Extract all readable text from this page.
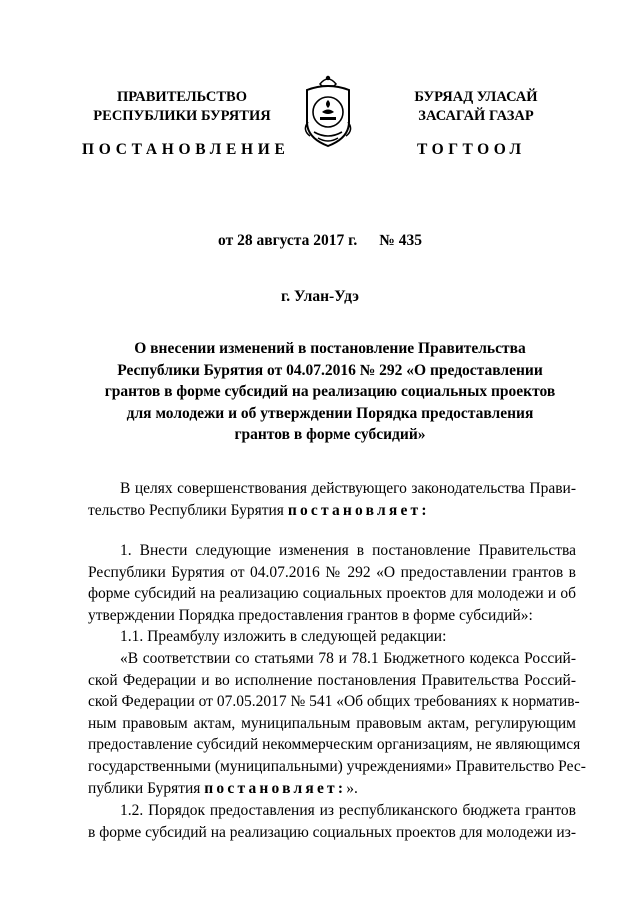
ПРАВИТЕЛЬСТВО
РЕСПУБЛИКИ БУРЯТИЯ
БУРЯАД УЛАСАЙ
ЗАСАГАЙ ГАЗАР
ПОСТАНОВЛЕНИЕ	ТОГТООЛ
от 28 августа 2017 г. № 435
г. Улан-Удэ
О внесении изменений в постановление Правительства
Республики Бурятия от 04.07.2016 № 292 «О предоставлении
грантов в форме субсидий на реализацию социальных проектов
для молодежи и об утверждении Порядка предоставления
грантов в форме субсидий»
В целях совершенствования действующего законодательства Прави-
тельство Республики Бурятия постановляет:
1. Внести следующие изменения в постановление Правительства
Республики Бурятия от 04.07.2016 № 292 «О предоставлении грантов в
форме субсидий на реализацию социальных проектов для молодежи и об
утверждении Порядка предоставления грантов в форме субсидий»:
1.1. Преамбулу изложить в следующей редакции:
«В соответствии со статьями 78 и 78.1 Бюджетного кодекса Россий-
ской Федерации и во исполнение постановления Правительства Россий-
ской Федерации от 07.05.2017 № 541 «Об общих требованиях к норматив-
ным правовым актам, муниципальным правовым актам, регулирующим
предоставление субсидий некоммерческим организациям, не являющимся
государственными (муниципальными) учреждениями» Правительство Рес-
публики Бурятия постановляет:».
1.2. Порядок предоставления из республиканского бюджета грантов
в форме субсидий на реализацию социальных проектов для молодежи из-
